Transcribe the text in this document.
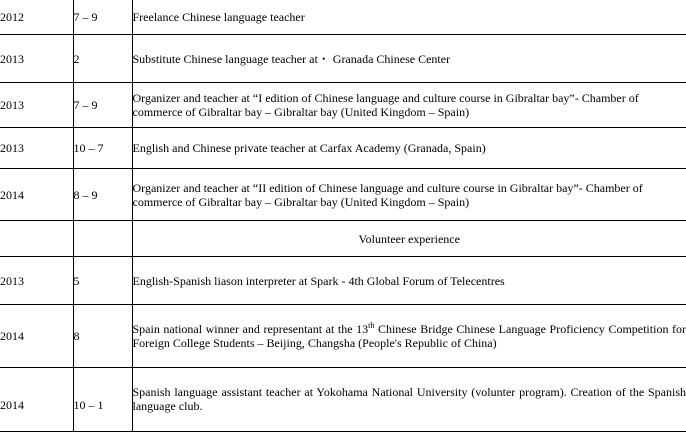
2012	7 – 9	Freelance Chinese language teacher
2013	2	Substitute Chinese language teacher at・ Granada Chinese Center
2013	7 – 9	Organizer and teacher at “I edition of Chinese language and culture course in Gibraltar bay”- Chamber of commerce of Gibraltar bay – Gibraltar bay (United Kingdom – Spain)
2013	10 – 7	English and Chinese private teacher at Carfax Academy (Granada, Spain)
2014	8 – 9	Organizer and teacher at “II edition of Chinese language and culture course in Gibraltar bay”- Chamber of commerce of Gibraltar bay – Gibraltar bay (United Kingdom – Spain)
		Volunteer experience
2013	5	English-Spanish liason interpreter at Spark - 4th Global Forum of Telecentres
2014	8	Spain national winner and representant at the 13th Chinese Bridge Chinese Language Proficiency Competition for Foreign College Students – Beijing, Changsha (People's Republic of China)
2014	10 – 1	Spanish language assistant teacher at Yokohama National University (volunter program). Creation of the Spanish language club.
